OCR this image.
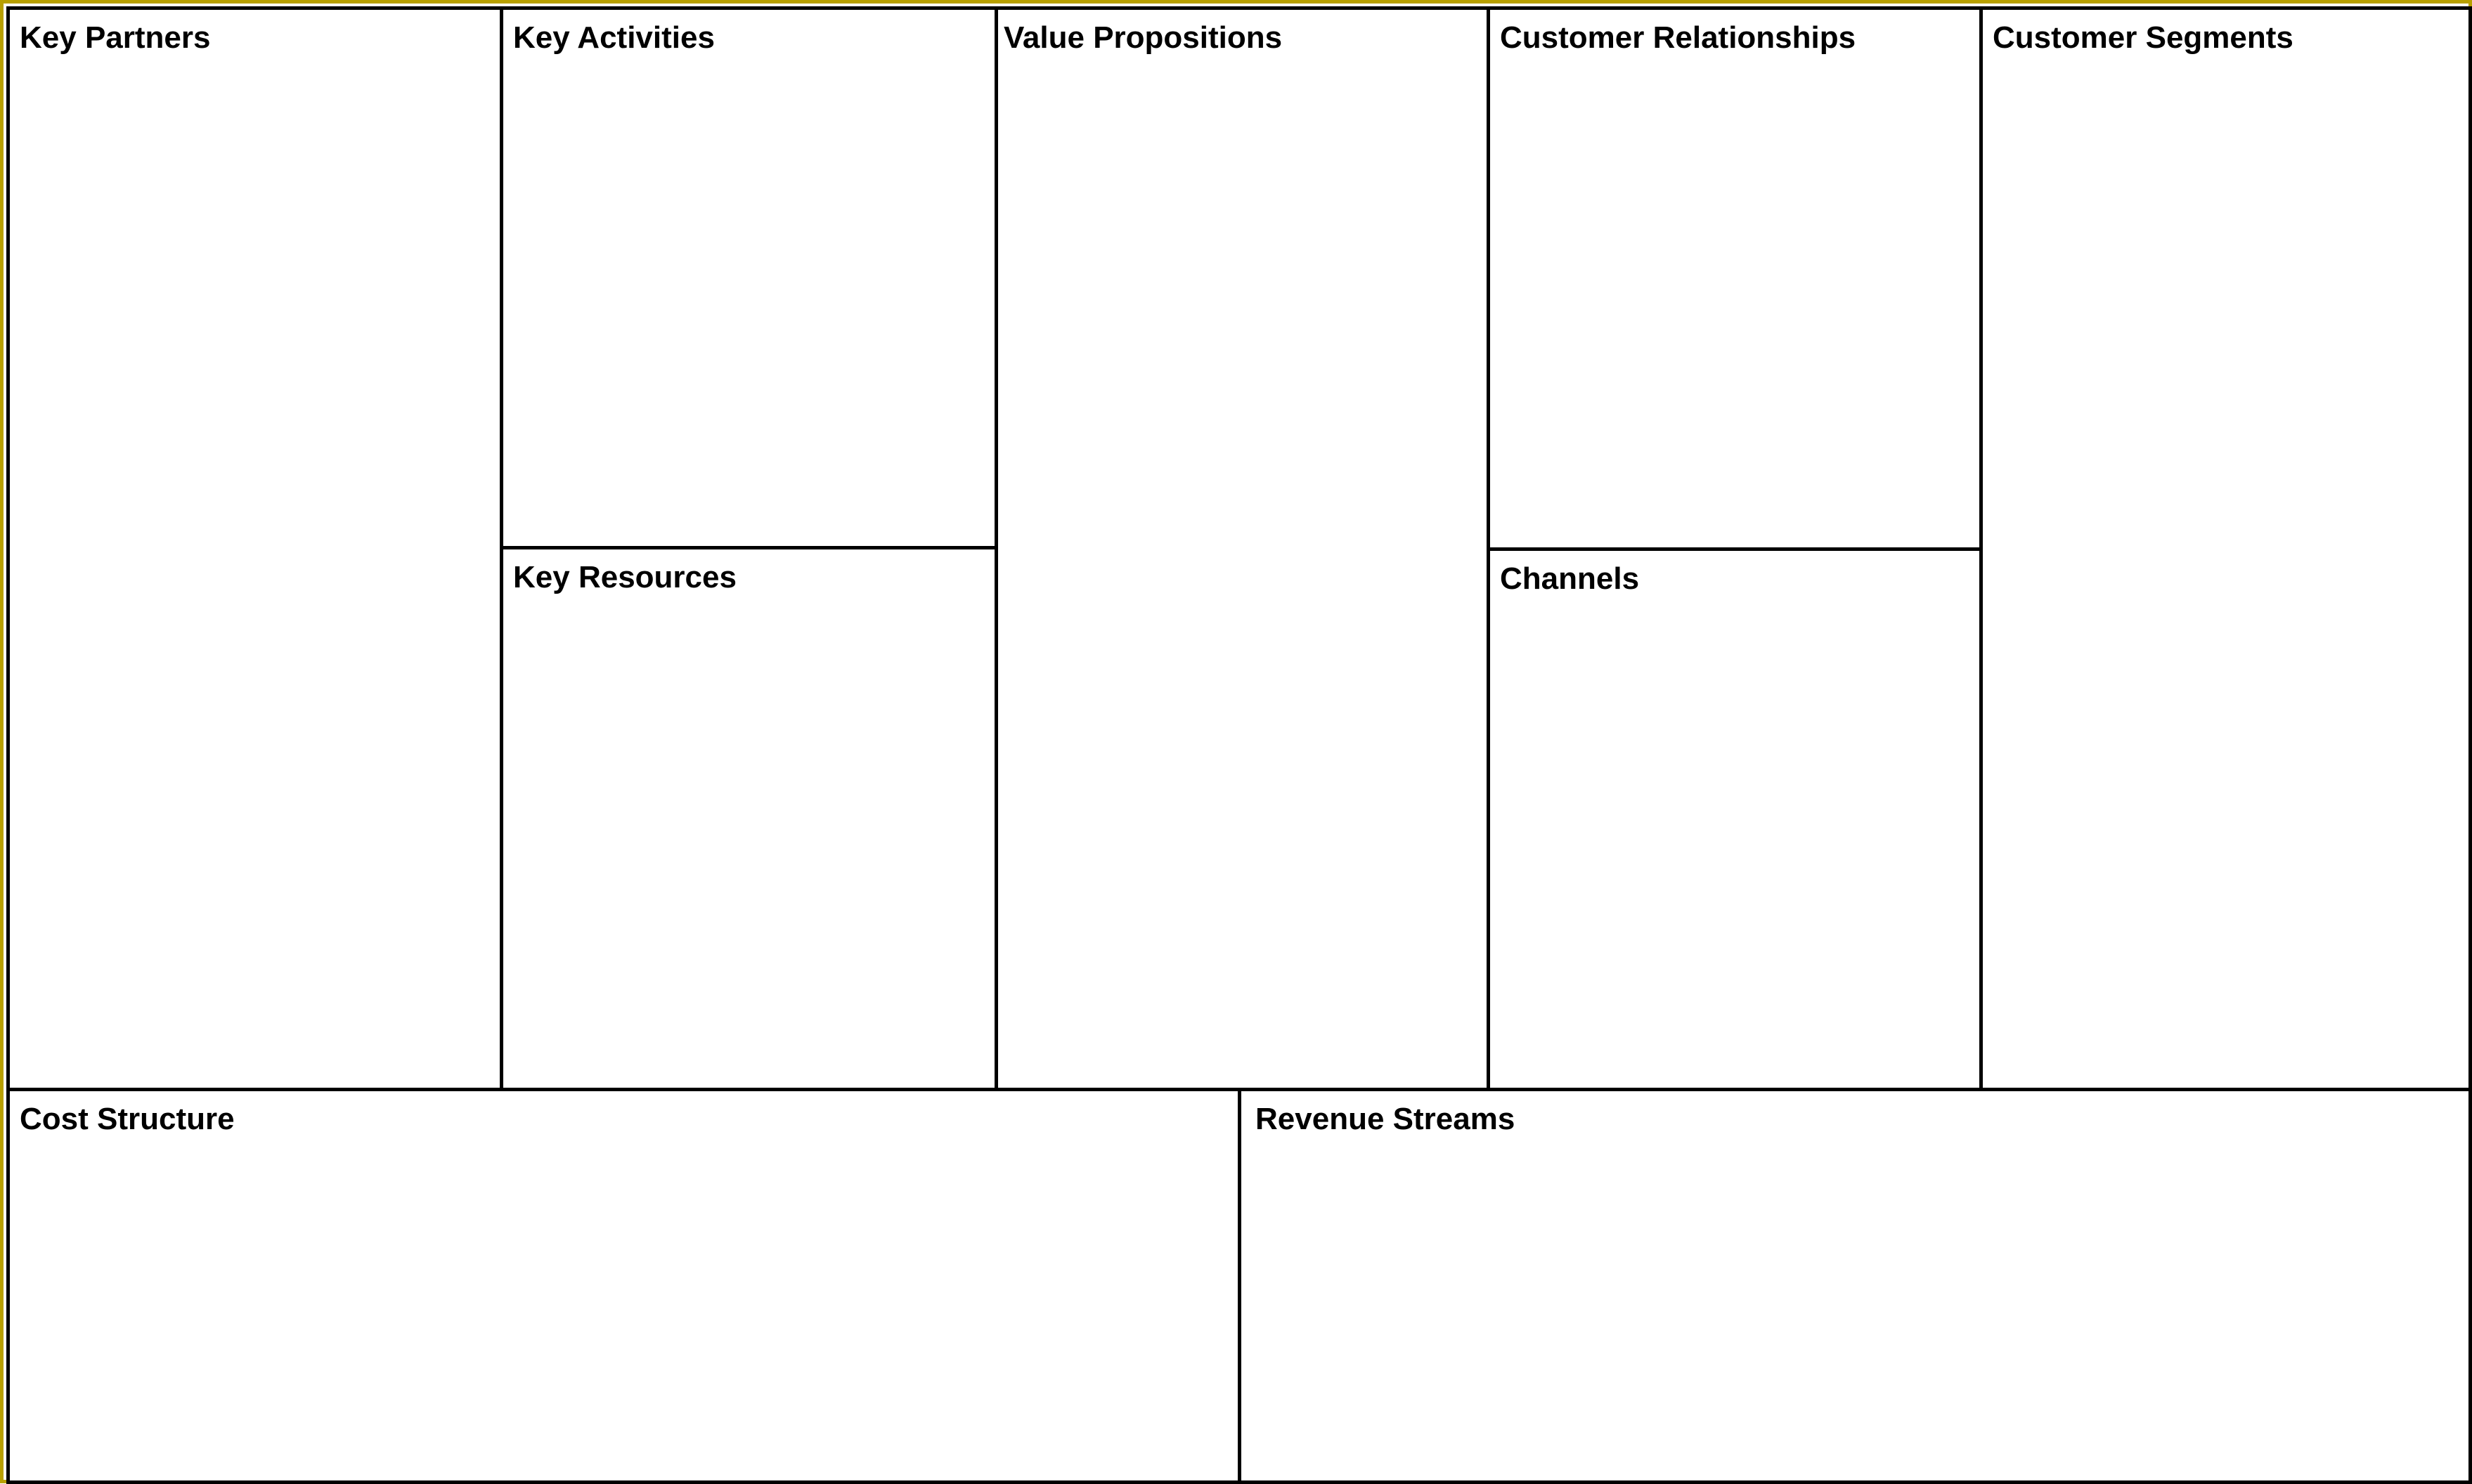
Key Partners	Key Activities
Key Resources
Value Propositions	Customer Relationships
Channels
Customer Segments
Cost Structure	Revenue Streams
